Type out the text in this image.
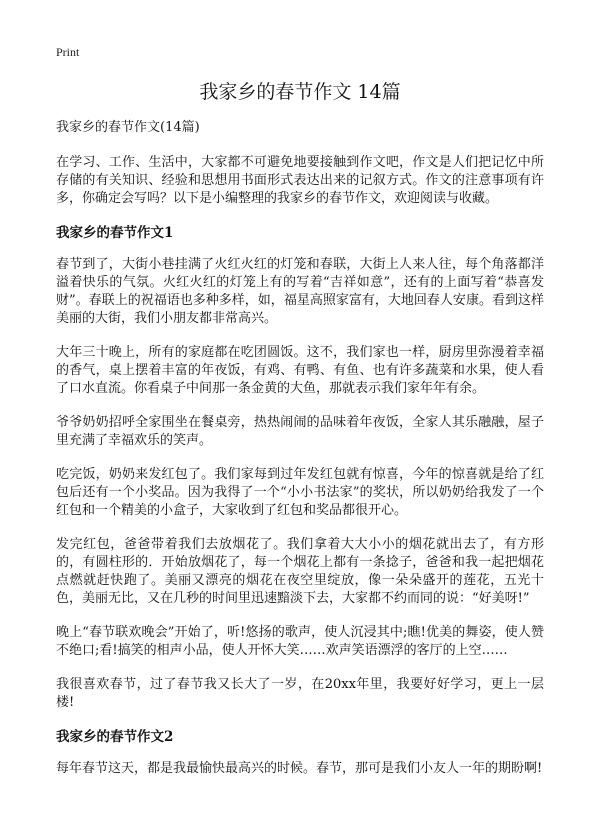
Print
我家乡的春节作文 14篇
我家乡的春节作文(14篇)

在学习、工作、生活中，大家都不可避免地要接触到作文吧，作文是人们把记忆中所存储的有关知识、经验和思想用书面形式表达出来的记叙方式。作文的注意事项有许多，你确定会写吗？以下是小编整理的我家乡的春节作文，欢迎阅读与收藏。

我家乡的春节作文1

春节到了，大街小巷挂满了火红火红的灯笼和春联，大街上人来人往，每个角落都洋溢着快乐的气氛。火红火红的灯笼上有的写着“吉祥如意”，还有的上面写着“恭喜发财”。春联上的祝福语也多种多样，如，福星高照家富有，大地回春人安康。看到这样美丽的大街，我们小朋友都非常高兴。

大年三十晚上，所有的家庭都在吃团圆饭。这不，我们家也一样，厨房里弥漫着幸福的香气，桌上摆着丰富的年夜饭，有鸡、有鸭、有鱼、也有许多蔬菜和水果，使人看了口水直流。你看桌子中间那一条金黄的大鱼，那就表示我们家年年有余。

爷爷奶奶招呼全家围坐在餐桌旁，热热闹闹的品味着年夜饭，全家人其乐融融，屋子里充满了幸福欢乐的笑声。

吃完饭，奶奶来发红包了。我们家每到过年发红包就有惊喜，今年的惊喜就是给了红包后还有一个小奖品。因为我得了一个“小小书法家”的奖状，所以奶奶给我发了一个红包和一个精美的小盒子，大家收到了红包和奖品都很开心。

发完红包，爸爸带着我们去放烟花了。我们拿着大大小小的烟花就出去了，有方形的，有圆柱形的．开始放烟花了，每一个烟花上都有一条捻子，爸爸和我一起把烟花点燃就赶快跑了。美丽又漂亮的烟花在夜空里绽放，像一朵朵盛开的莲花，五光十色，美丽无比，又在几秒的时间里迅速黯淡下去，大家都不约而同的说：“好美呀!”

晚上“春节联欢晚会”开始了，听!悠扬的歌声，使人沉浸其中;瞧!优美的舞姿，使人赞不绝口;看!搞笑的相声小品，使人开怀大笑……欢声笑语漂浮的客厅的上空……

我很喜欢春节，过了春节我又长大了一岁，在20xx年里，我要好好学习，更上一层楼!

我家乡的春节作文2

每年春节这天，都是我最愉快最高兴的时候。春节，那可是我们小友人一年的期盼啊!
